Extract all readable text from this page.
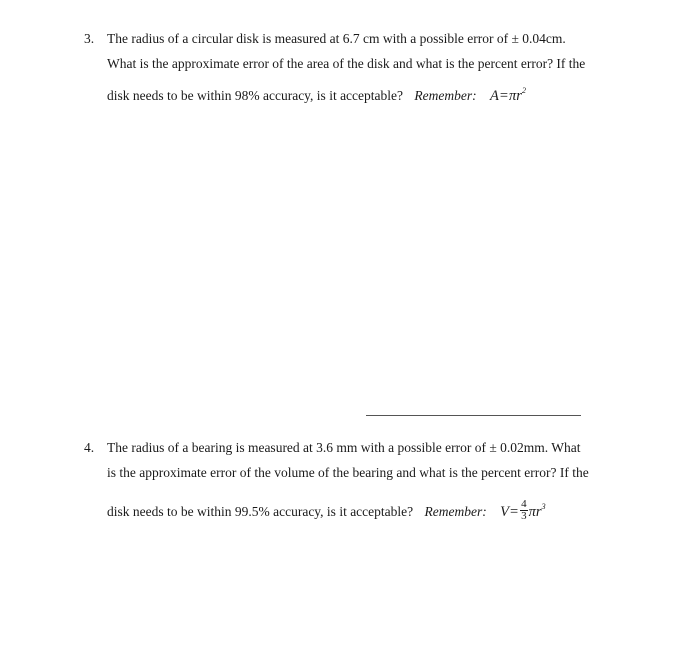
3. The radius of a circular disk is measured at 6.7 cm with a possible error of ± 0.04cm.
What is the approximate error of the area of the disk and what is the percent error? If the
disk needs to be within 98% accuracy, is it acceptable? Remember: $A=\pi r^2$
4. The radius of a bearing is measured at 3.6 mm with a possible error of ± 0.02mm. What
is the approximate error of the volume of the bearing and what is the percent error? If the
disk needs to be within 99.5% accuracy, is it acceptable? Remember: $V= \frac{4}{3} \pi r^3$
